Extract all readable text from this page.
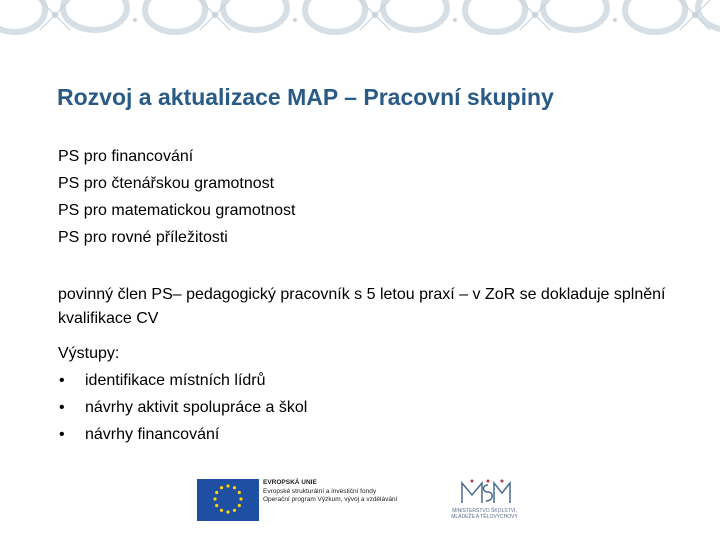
Rozvoj a aktualizace MAP – Pracovní skupiny
PS pro financování
PS pro čtenářskou gramotnost
PS pro matematickou gramotnost
PS pro rovné příležitosti

povinný člen PS– pedagogický pracovník s 5 letou praxí – v ZoR se dokladuje splnění kvalifikace CV

Výstupy:
• identifikace místních lídrů
• návrhy aktivit spolupráce a škol
• návrhy financování
EVROPSKÁ UNIE
Evropské strukturální a investiční fondy
Operační program Výzkum, vývoj a vzdělávání
MINISTERSTVO ŠKOLSTVÍ, MLÁDEŽE A TĚLOVÝCHOVY
